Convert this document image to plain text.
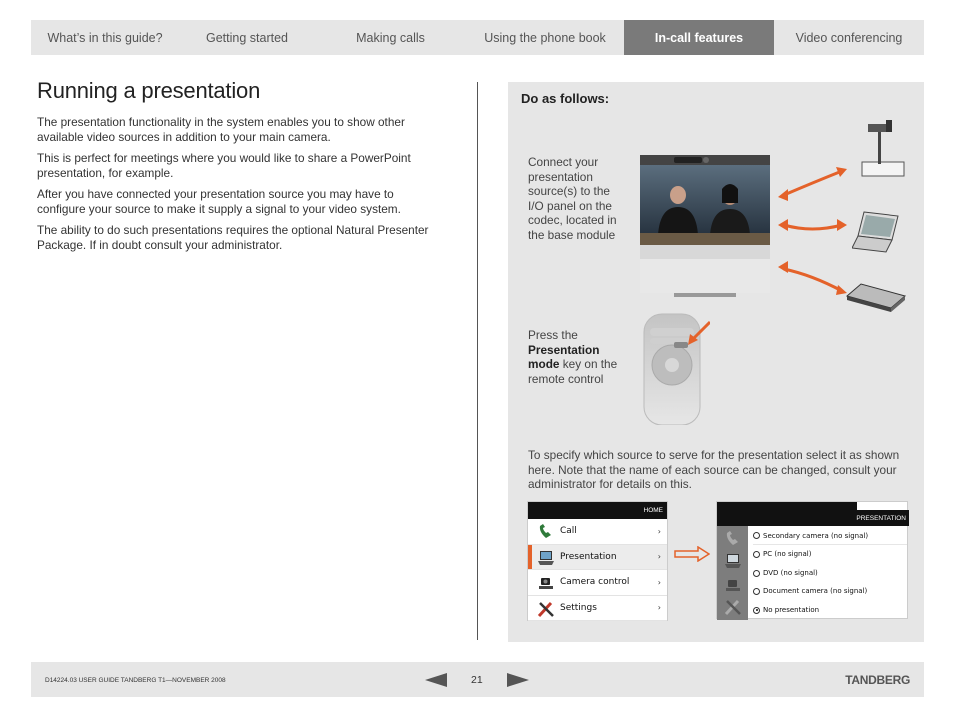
What’s in this guide?	Getting started	Making calls	Using the phone book	In-call features	Video conferencing
Running a presentation

The presentation functionality in the system enables you to show other available video sources in addition to your main camera.

This is perfect for meetings where you would like to share a PowerPoint presentation, for example.

After you have connected your presentation source you may have to configure your source to make it supply a signal to your video system.

The ability to do such presentations requires the optional Natural Presenter Package. If in doubt consult your administrator.

Do as follows:

Connect your presentation source(s) to the I/O panel on the codec, located in the base module

Press the Presentation mode key on the remote control

To specify which source to serve for the presentation select it as shown here. Note that the name of each source can be changed, consult your administrator for details on this.

HOME
Call	›
Presentation	›
Camera control	›
Settings	›
PRESENTATION
Secondary camera (no signal)
PC (no signal)
DVD (no signal)
Document camera (no signal)
No presentation
D14224.03 USER GUIDE TANDBERG T1—NOVEMBER 2008	21	TANDBERG
